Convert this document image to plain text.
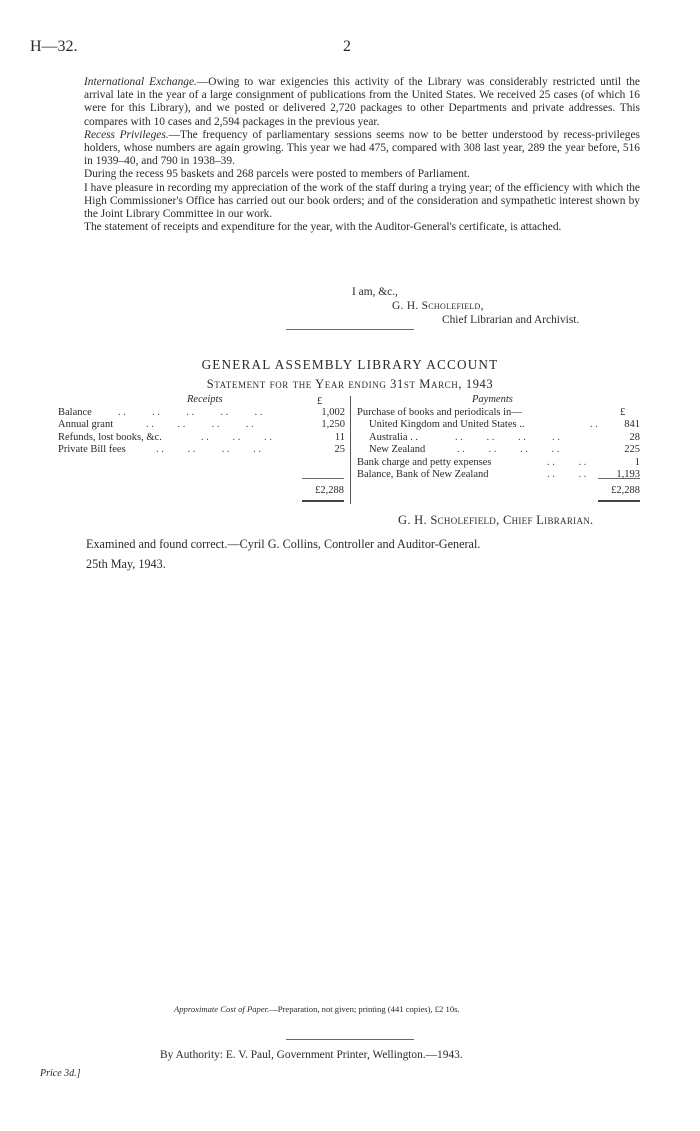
H—32.	2

International Exchange.—Owing to war exigencies this activity of the Library was considerably restricted until the arrival late in the year of a large consignment of publications from the United States. We received 25 cases (of which 16 were for this Library), and we posted or delivered 2,720 packages to other Departments and private addresses. This compares with 10 cases and 2,594 packages in the previous year.

Recess Privileges.—The frequency of parliamentary sessions seems now to be better understood by recess-privileges holders, whose numbers are again growing. This year we had 475, compared with 308 last year, 289 the year before, 516 in 1939–40, and 790 in 1938–39.

During the recess 95 baskets and 268 parcels were posted to members of Parliament.

I have pleasure in recording my appreciation of the work of the staff during a trying year; of the efficiency with which the High Commissioner's Office has carried out our book orders; and of the consideration and sympathetic interest shown by the Joint Library Committee in our work.

The statement of receipts and expenditure for the year, with the Auditor-General's certificate, is attached.

I am, &c.,
G. H. Scholefield,
Chief Librarian and Archivist.
GENERAL ASSEMBLY LIBRARY ACCOUNT
Statement for the Year ending 31st March, 1943
Receipts	£
Balance . .          . .          . .          . .          . .	1,002
Annual grant	. .         . .          . .          . .	1,250
Refunds, lost books, &c.	. .         . .         . .	11
Private Bill fees	. .         . .          . .         . .	25
Payments
£
Purchase of books and periodicals in—
United Kingdom and United States ..	. .	841
Australia . .	. .         . .         . .          . .	28
New Zealand	. .         . .         . .         . .	225
Bank charge and petty expenses	. .         . .	1
Balance, Bank of New Zealand	. .         . .	1,193
£2,288	£2,288
G. H. Scholefield, Chief Librarian.
Examined and found correct.—Cyril G. Collins, Controller and Auditor-General.
25th May, 1943.
Approximate Cost of Paper.—Preparation, not given; printing (441 copies), £2 10s.
By Authority: E. V. Paul, Government Printer, Wellington.—1943.
Price 3d.]
